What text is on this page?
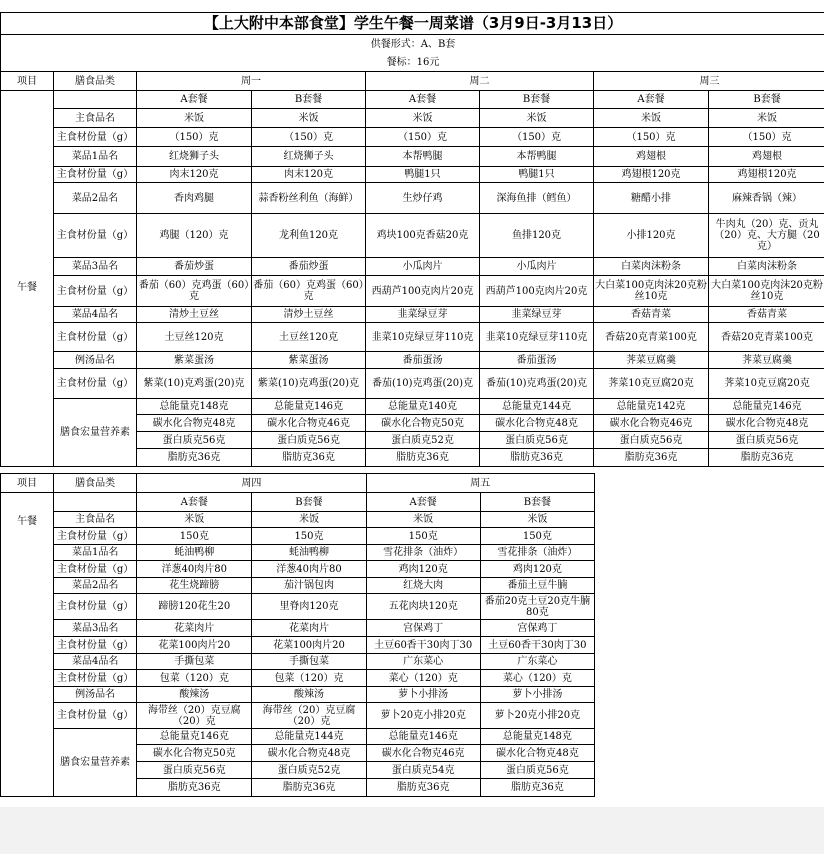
【上大附中本部食堂】学生午餐一周菜谱（3月9日-3月13日）							
供餐形式：A、B套							
餐标：16元							
项目	膳食品类	周一		周二		周三	
		A套餐	B套餐	A套餐	B套餐	A套餐	B套餐
午餐	主食品名	米饭	米饭	米饭	米饭	米饭	米饭
	主食材份量（g）	（150）克	（150）克	（150）克	（150）克	（150）克	（150）克
	菜品1品名	红烧狮子头	红烧狮子头	本帮鸭腿	本帮鸭腿	鸡翅根	鸡翅根
	主食材份量（g）	肉末120克	肉末120克	鸭腿1只	鸭腿1只	鸡翅根120克	鸡翅根120克
	菜品2品名	香肉鸡腿	蒜香粉丝利鱼（海鲜）	生炒仔鸡	深海鱼排（鳕鱼）	糖醋小排	麻辣香锅（辣）
	主食材份量（g）	鸡腿（120）克	龙利鱼120克	鸡块100克香菇20克	鱼排120克	小排120克	牛肉丸（20）克、贡丸（20）克、大方腿（20克）
	菜品3品名	番茄炒蛋	番茄炒蛋	小瓜肉片	小瓜肉片	白菜肉沫粉条	白菜肉沫粉条
	主食材份量（g）	番茄（60）克鸡蛋（60）克	番茄（60）克鸡蛋（60）克	西葫芦100克肉片20克	西葫芦100克肉片20克	大白菜100克肉沫20克粉丝10克	大白菜100克肉沫20克粉丝10克
	菜品4品名	清炒土豆丝	清炒土豆丝	韭菜绿豆芽	韭菜绿豆芽	香菇青菜	香菇青菜
	主食材份量（g）	土豆丝120克	土豆丝120克	韭菜10克绿豆芽110克	韭菜10克绿豆芽110克	香菇20克青菜100克	香菇20克青菜100克
	例汤品名	紫菜蛋汤	紫菜蛋汤	番茄蛋汤	番茄蛋汤	荠菜豆腐羹	荠菜豆腐羹
	主食材份量（g）	紫菜(10)克鸡蛋(20)克	紫菜(10)克鸡蛋(20)克	番茄(10)克鸡蛋(20)克	番茄(10)克鸡蛋(20)克	荠菜10克豆腐20克	荠菜10克豆腐20克
	膳食宏量营养素	总能量克148克	总能量克146克	总能量克140克	总能量克144克	总能量克142克	总能量克146克
		碳水化合物克48克	碳水化合物克46克	碳水化合物克50克	碳水化合物克48克	碳水化合物克46克	碳水化合物克48克
		蛋白质克56克	蛋白质克56克	蛋白质克52克	蛋白质克56克	蛋白质克56克	蛋白质克56克
		脂肪克36克	脂肪克36克	脂肪克36克	脂肪克36克	脂肪克36克	脂肪克36克
项目	膳食品类	周四		周五	
		A套餐	B套餐	A套餐	B套餐
午餐	主食品名	米饭	米饭	米饭	米饭
	主食材份量（g）	150克	150克	150克	150克
	菜品1品名	蚝油鸭柳	蚝油鸭柳	雪花排条（油炸）	雪花排条（油炸）
	主食材份量（g）	洋葱40肉片80	洋葱40肉片80	鸡肉120克	鸡肉120克
	菜品2品名	花生烧蹄膀	茄汁锅包肉	红烧大肉	番茄土豆牛腩
	主食材份量（g）	蹄膀120花生20	里脊肉120克	五花肉块120克	番茄20克土豆20克牛腩80克
	菜品3品名	花菜肉片	花菜肉片	宫保鸡丁	宫保鸡丁
	主食材份量（g）	花菜100肉片20	花菜100肉片20	土豆60香干30肉丁30	土豆60香干30肉丁30
	菜品4品名	手撕包菜	手撕包菜	广东菜心	广东菜心
	主食材份量（g）	包菜（120）克	包菜（120）克	菜心（120）克	菜心（120）克
	例汤品名	酸辣汤	酸辣汤	萝卜小排汤	萝卜小排汤
	主食材份量（g）	海带丝（20）克豆腐（20）克	海带丝（20）克豆腐（20）克	萝卜20克小排20克	萝卜20克小排20克
	膳食宏量营养素	总能量克146克	总能量克144克	总能量克146克	总能量克148克
		碳水化合物克50克	碳水化合物克48克	碳水化合物克46克	碳水化合物克48克
		蛋白质克56克	蛋白质克52克	蛋白质克54克	蛋白质克56克
		脂肪克36克	脂肪克36克	脂肪克36克	脂肪克36克
